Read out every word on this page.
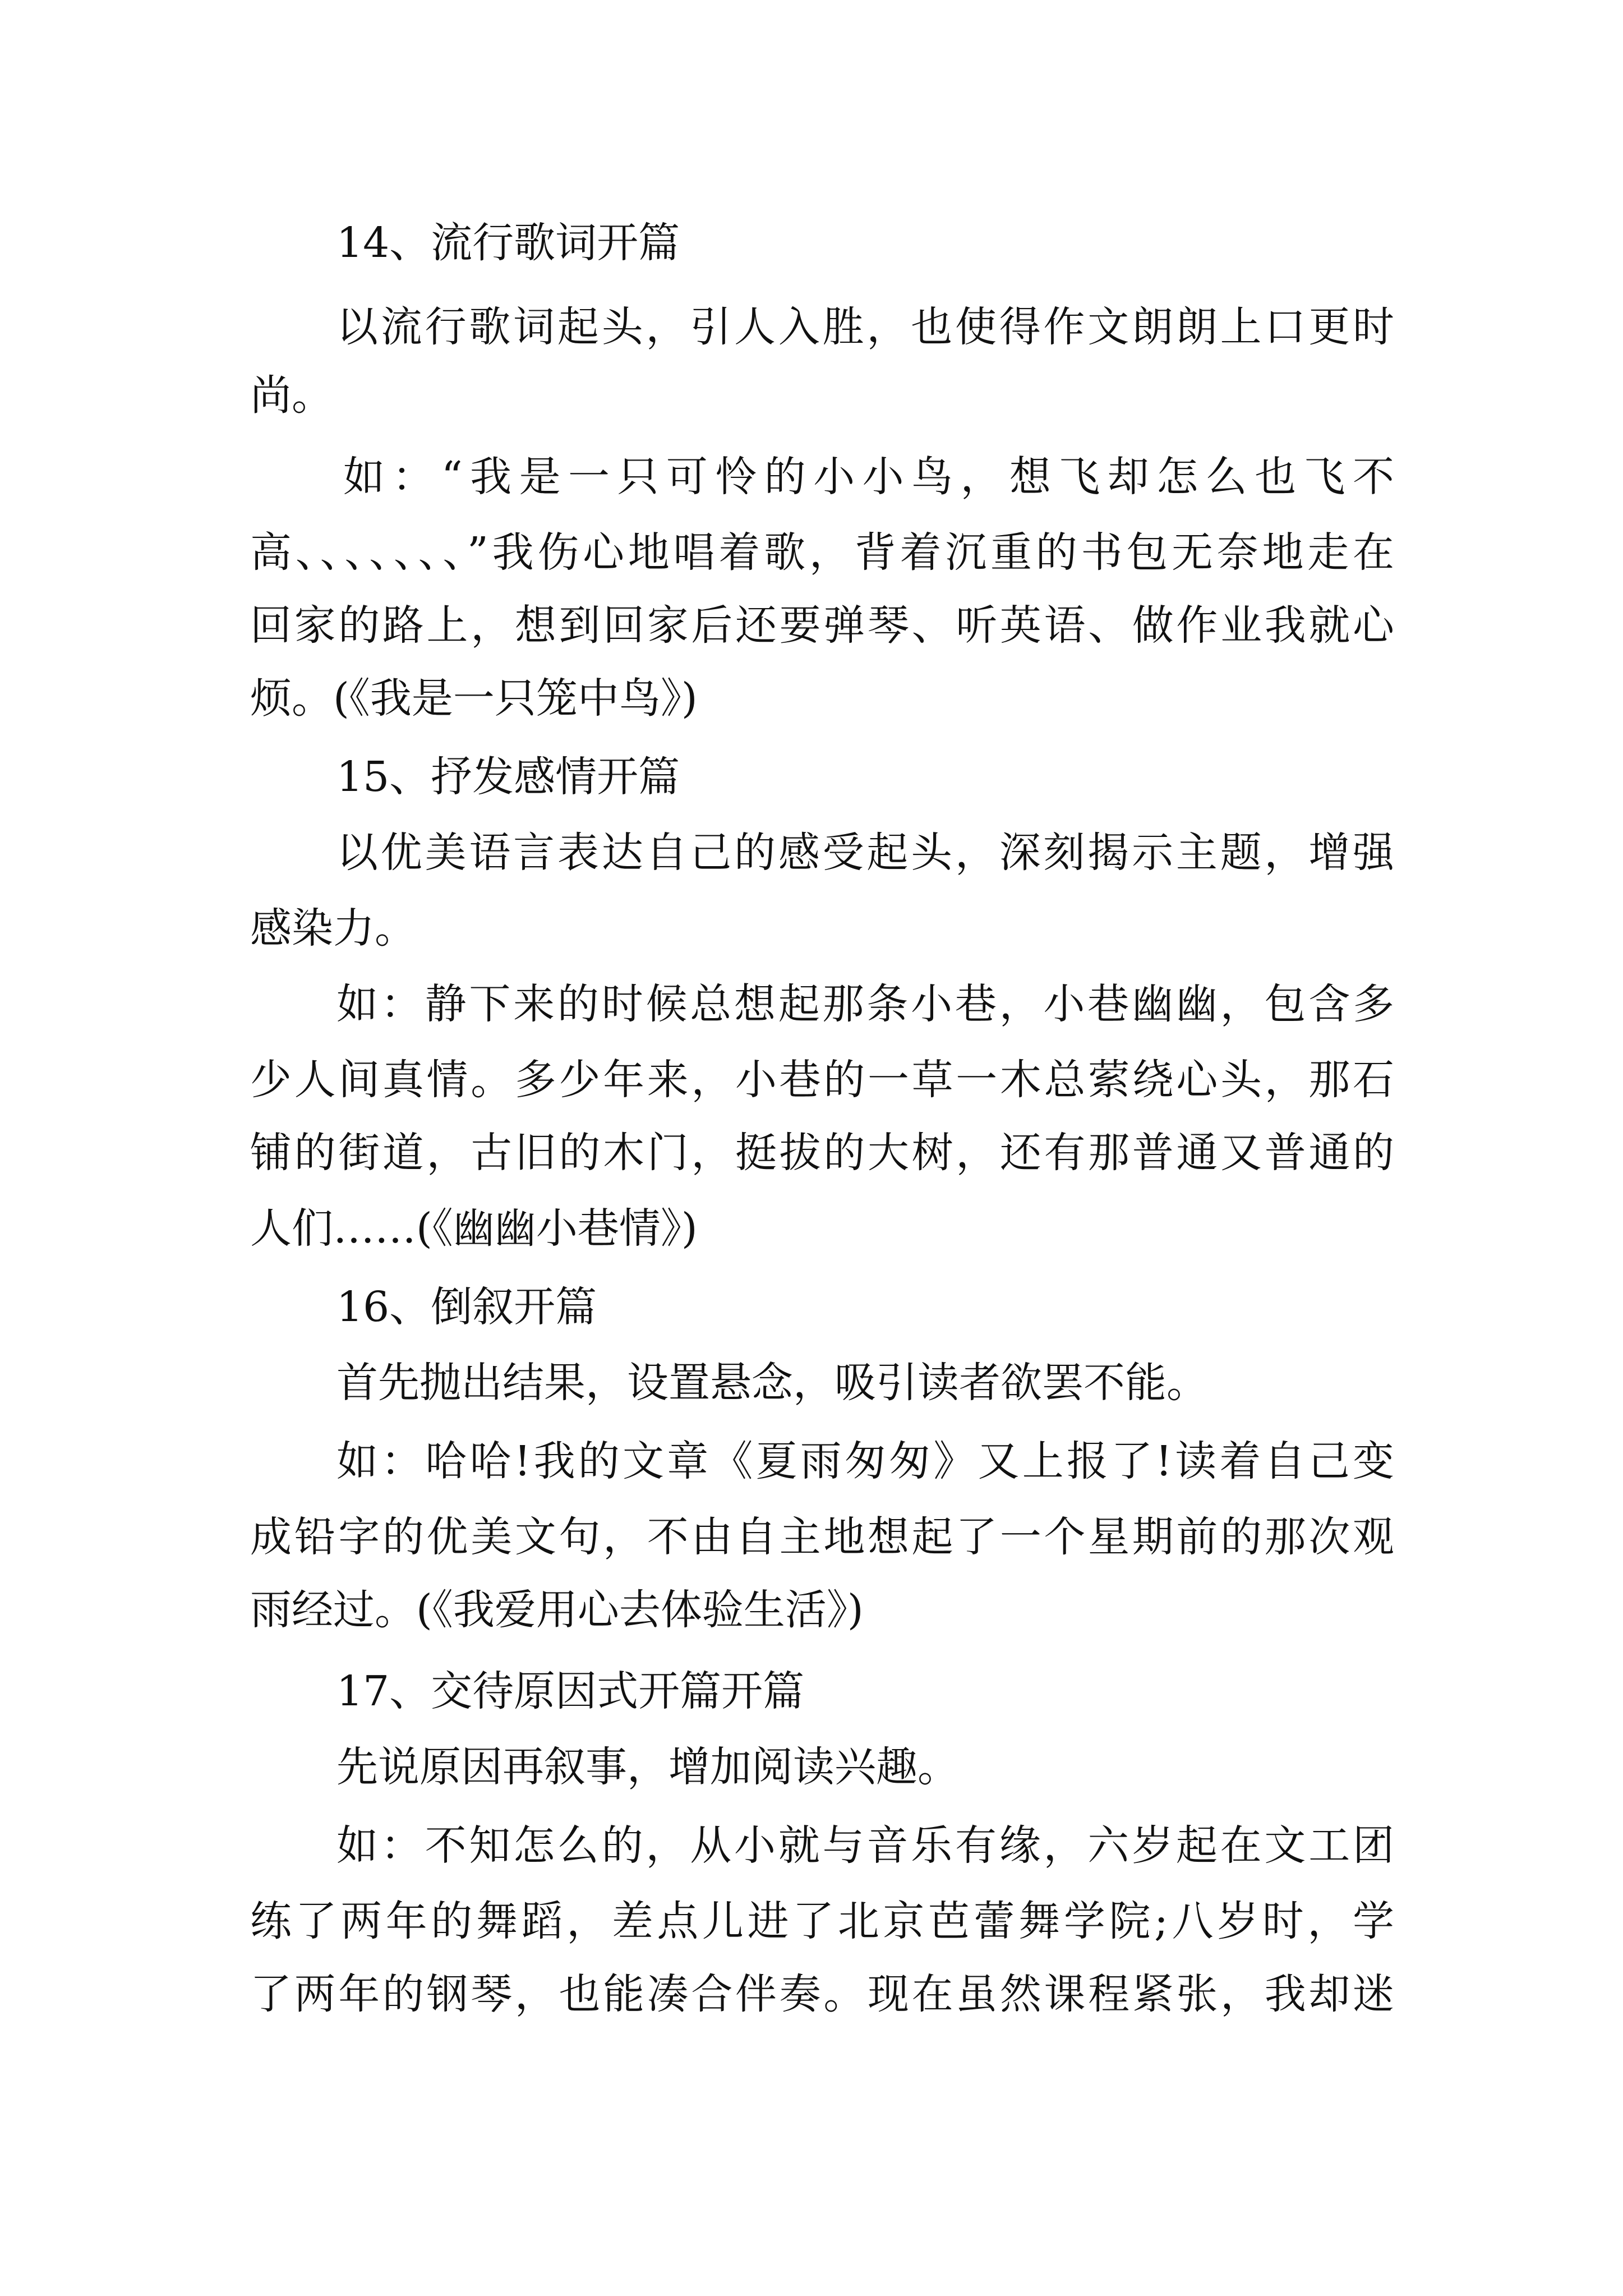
14、流行歌词开篇
以流行歌词起头，引人入胜，也使得作文朗朗上口更时
尚。
如：“我是一只可怜的小小鸟，想飞却怎么也飞不
高、、、、、、、”我伤心地唱着歌，背着沉重的书包无奈地走在
回家的路上，想到回家后还要弹琴、听英语、做作业我就心
烦。(《我是一只笼中鸟》)
15、抒发感情开篇
以优美语言表达自己的感受起头，深刻揭示主题，增强
感染力。
如：静下来的时候总想起那条小巷，小巷幽幽，包含多
少人间真情。多少年来，小巷的一草一木总萦绕心头，那石
铺的街道，古旧的木门，挺拔的大树，还有那普通又普通的
人们……(《幽幽小巷情》)
16、倒叙开篇
首先抛出结果，设置悬念，吸引读者欲罢不能。
如：哈哈!我的文章《夏雨匆匆》又上报了!读着自己变
成铅字的优美文句，不由自主地想起了一个星期前的那次观
雨经过。(《我爱用心去体验生活》)
17、交待原因式开篇开篇
先说原因再叙事，增加阅读兴趣。
如：不知怎么的，从小就与音乐有缘，六岁起在文工团
练了两年的舞蹈，差点儿进了北京芭蕾舞学院;八岁时，学
了两年的钢琴，也能凑合伴奏。现在虽然课程紧张，我却迷
